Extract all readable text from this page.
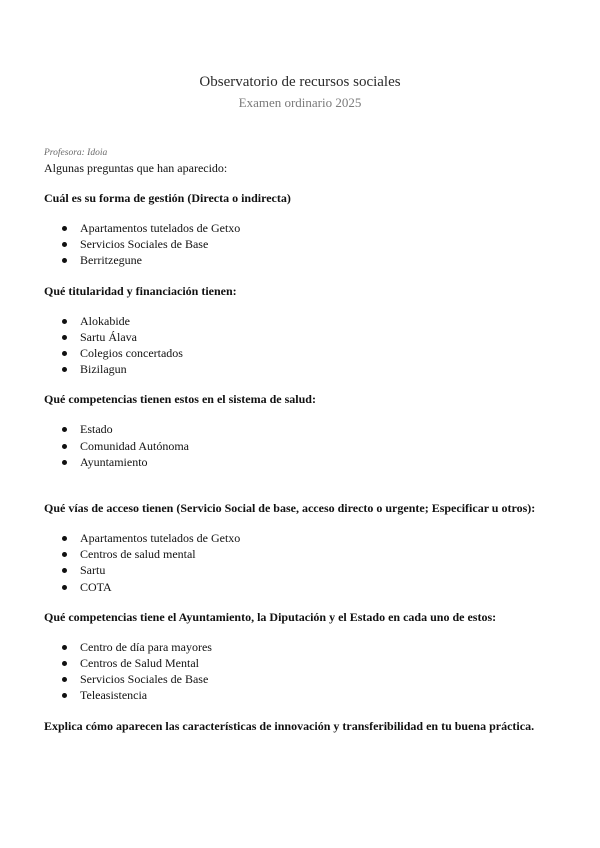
Observatorio de recursos sociales
Examen ordinario 2025
Profesora: Idoia
Algunas preguntas que han aparecido:
Cuál es su forma de gestión (Directa o indirecta)
Apartamentos tutelados de Getxo
Servicios Sociales de Base
Berritzegune
Qué titularidad y financiación tienen:
Alokabide
Sartu Álava
Colegios concertados
Bizilagun
Qué competencias tienen estos en el sistema de salud:
Estado
Comunidad Autónoma
Ayuntamiento
Qué vías de acceso tienen (Servicio Social de base, acceso directo o urgente; Especificar u otros):
Apartamentos tutelados de Getxo
Centros de salud mental
Sartu
COTA
Qué competencias tiene el Ayuntamiento, la Diputación y el Estado en cada uno de estos:
Centro de día para mayores
Centros de Salud Mental
Servicios Sociales de Base
Teleasistencia
Explica cómo aparecen las características de innovación y transferibilidad en tu buena práctica.
